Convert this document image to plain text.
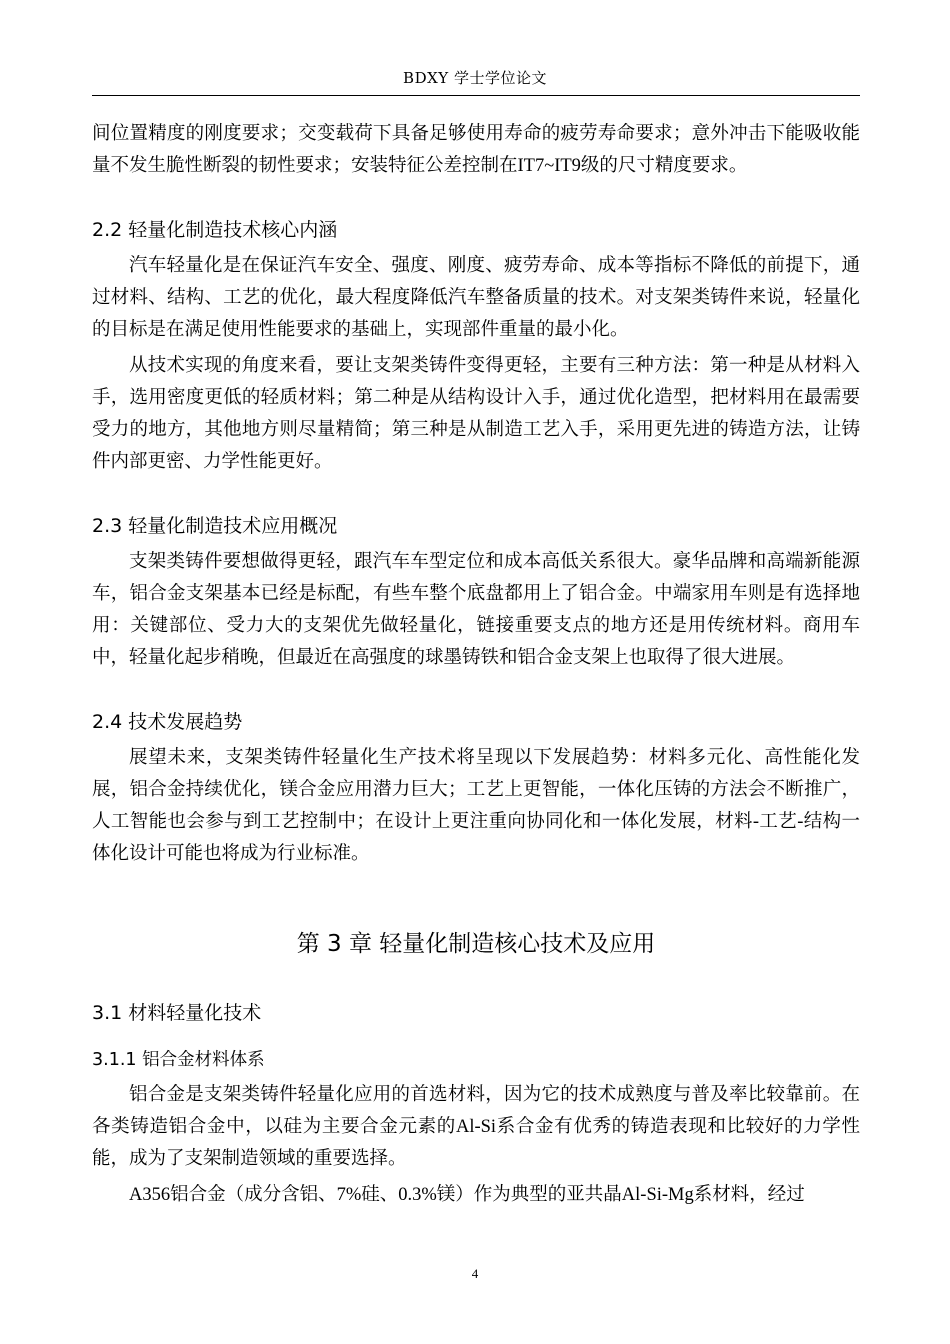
BDXY 学士学位论文

间位置精度的刚度要求；交变载荷下具备足够使用寿命的疲劳寿命要求；意外冲击下能吸收能量不发生脆性断裂的韧性要求；安装特征公差控制在IT7~IT9级的尺寸精度要求。

2.2 轻量化制造技术核心内涵

汽车轻量化是在保证汽车安全、强度、刚度、疲劳寿命、成本等指标不降低的前提下，通过材料、结构、工艺的优化，最大程度降低汽车整备质量的技术。对支架类铸件来说，轻量化的目标是在满足使用性能要求的基础上，实现部件重量的最小化。

从技术实现的角度来看，要让支架类铸件变得更轻，主要有三种方法：第一种是从材料入手，选用密度更低的轻质材料；第二种是从结构设计入手，通过优化造型，把材料用在最需要受力的地方，其他地方则尽量精简；第三种是从制造工艺入手，采用更先进的铸造方法，让铸件内部更密、力学性能更好。

2.3 轻量化制造技术应用概况

支架类铸件要想做得更轻，跟汽车车型定位和成本高低关系很大。豪华品牌和高端新能源车，铝合金支架基本已经是标配，有些车整个底盘都用上了铝合金。中端家用车则是有选择地用：关键部位、受力大的支架优先做轻量化，链接重要支点的地方还是用传统材料。商用车中，轻量化起步稍晚，但最近在高强度的球墨铸铁和铝合金支架上也取得了很大进展。

2.4 技术发展趋势

展望未来，支架类铸件轻量化生产技术将呈现以下发展趋势：材料多元化、高性能化发展，铝合金持续优化，镁合金应用潜力巨大；工艺上更智能，一体化压铸的方法会不断推广，人工智能也会参与到工艺控制中；在设计上更注重向协同化和一体化发展，材料-工艺-结构一体化设计可能也将成为行业标准。

第 3 章 轻量化制造核心技术及应用
3.1 材料轻量化技术
3.1.1 铝合金材料体系

铝合金是支架类铸件轻量化应用的首选材料，因为它的技术成熟度与普及率比较靠前。在各类铸造铝合金中，以硅为主要合金元素的Al-Si系合金有优秀的铸造表现和比较好的力学性能，成为了支架制造领域的重要选择。

A356铝合金（成分含铝、7%硅、0.3%镁）作为典型的亚共晶Al-Si-Mg系材料，经过

4
